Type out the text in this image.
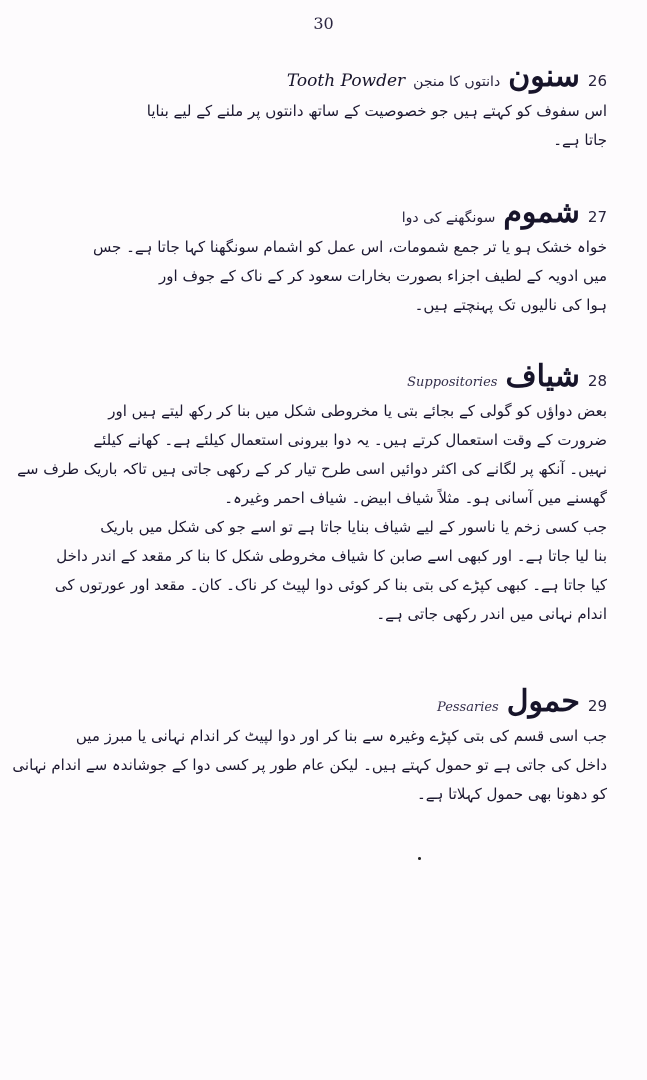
30
26
سنون
دانتوں کا منجن
Tooth Powder
اس سفوف کو کہتے ہیں جو خصوصیت کے ساتھ دانتوں پر ملنے کے لیے بنایا
جاتا ہے۔
27
شموم
سونگھنے کی دوا
خواہ خشک ہو یا تر جمع شمومات، اس عمل کو اشمام سونگھنا کہا جاتا ہے۔ جس
میں ادویہ کے لطیف اجزاء بصورت بخارات سعود کر کے ناک کے جوف اور
ہوا کی نالیوں تک پہنچتے ہیں۔
28
شیاف
Suppositories
بعض دواؤں کو گولی کے بجائے بتی یا مخروطی شکل میں بنا کر رکھ لیتے ہیں اور
ضرورت کے وقت استعمال کرتے ہیں۔ یہ دوا بیرونی استعمال کیلئے ہے۔ کھانے کیلئے
نہیں۔ آنکھ پر لگانے کی اکثر دوائیں اسی طرح تیار کر کے رکھی جاتی ہیں تاکہ باریک طرف سے
گھسنے میں آسانی ہو۔ مثلاً شیاف ابیض۔ شیاف احمر وغیرہ۔
جب کسی زخم یا ناسور کے لیے شیاف بنایا جاتا ہے تو اسے جو کی شکل میں باریک
بنا لیا جاتا ہے۔ اور کبھی اسے صابن کا شیاف مخروطی شکل کا بنا کر مقعد کے اندر داخل
کیا جاتا ہے۔ کبھی کپڑے کی بتی بنا کر کوئی دوا لپیٹ کر ناک۔ کان۔ مقعد اور عورتوں کی
اندام نہانی میں اندر رکھی جاتی ہے۔
29
حمول
Pessaries
جب اسی قسم کی بتی کپڑے وغیرہ سے بنا کر اور دوا لپیٹ کر اندام نہانی یا مبرز میں
داخل کی جاتی ہے تو حمول کہتے ہیں۔ لیکن عام طور پر کسی دوا کے جوشاندہ سے اندام نہانی
کو دھونا بھی حمول کہلاتا ہے۔
